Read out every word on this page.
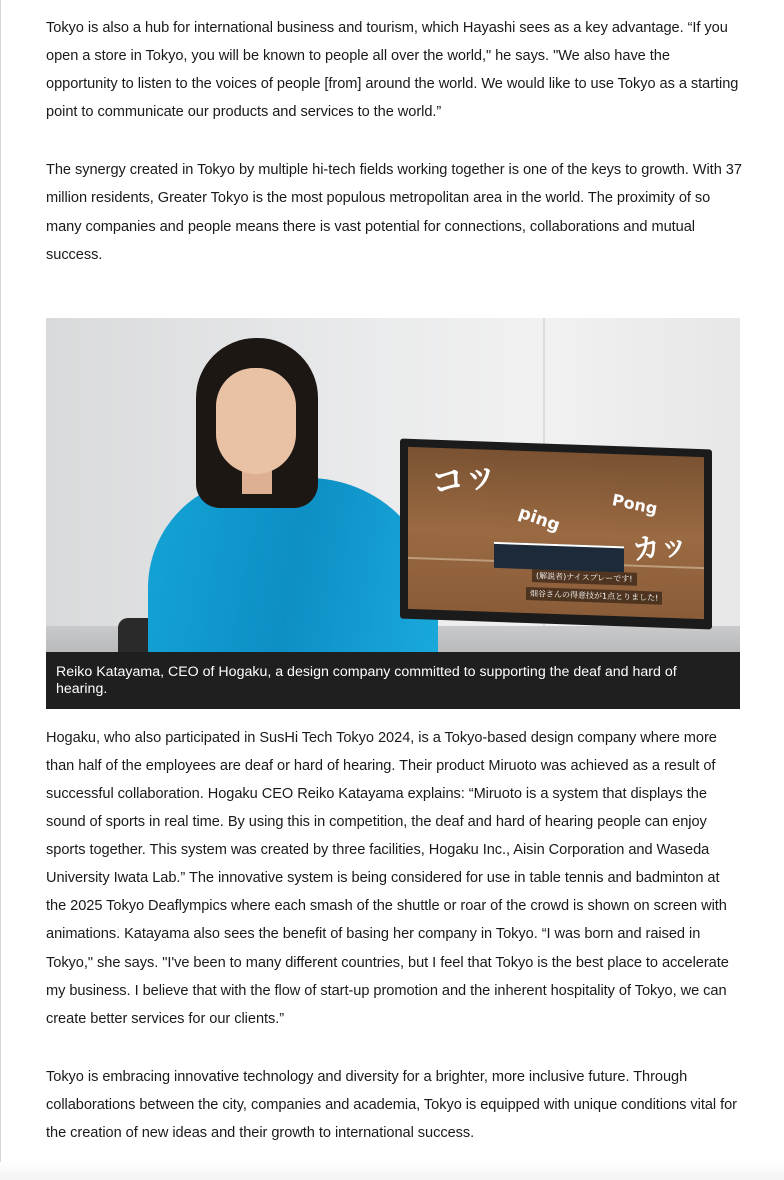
Tokyo is also a hub for international business and tourism, which Hayashi sees as a key advantage. “If you open a store in Tokyo, you will be known to people all over the world," he says. "We also have the opportunity to listen to the voices of people [from] around the world. We would like to use Tokyo as a starting point to communicate our products and services to the world.”

The synergy created in Tokyo by multiple hi-tech fields working together is one of the keys to growth. With 37 million residents, Greater Tokyo is the most populous metropolitan area in the world. The proximity of so many companies and people means there is vast potential for connections, collaborations and mutual success.

コッ
ping	Pong
カッ
(解説者)ナイスプレーです!
畑谷さんの得意技が1点とりました!
Reiko Katayama, CEO of Hogaku, a design company committed to supporting the deaf and hard of hearing.

Hogaku, who also participated in SusHi Tech Tokyo 2024, is a Tokyo-based design company where more than half of the employees are deaf or hard of hearing. Their product Miruoto was achieved as a result of successful collaboration. Hogaku CEO Reiko Katayama explains: “Miruoto is a system that displays the sound of sports in real time. By using this in competition, the deaf and hard of hearing people can enjoy sports together. This system was created by three facilities, Hogaku Inc., Aisin Corporation and Waseda University Iwata Lab.” The innovative system is being considered for use in table tennis and badminton at the 2025 Tokyo Deaflympics where each smash of the shuttle or roar of the crowd is shown on screen with animations. Katayama also sees the benefit of basing her company in Tokyo. “I was born and raised in Tokyo," she says. "I've been to many different countries, but I feel that Tokyo is the best place to accelerate my business. I believe that with the flow of start-up promotion and the inherent hospitality of Tokyo, we can create better services for our clients.”

Tokyo is embracing innovative technology and diversity for a brighter, more inclusive future. Through collaborations between the city, companies and academia, Tokyo is equipped with unique conditions vital for the creation of new ideas and their growth to international success.
